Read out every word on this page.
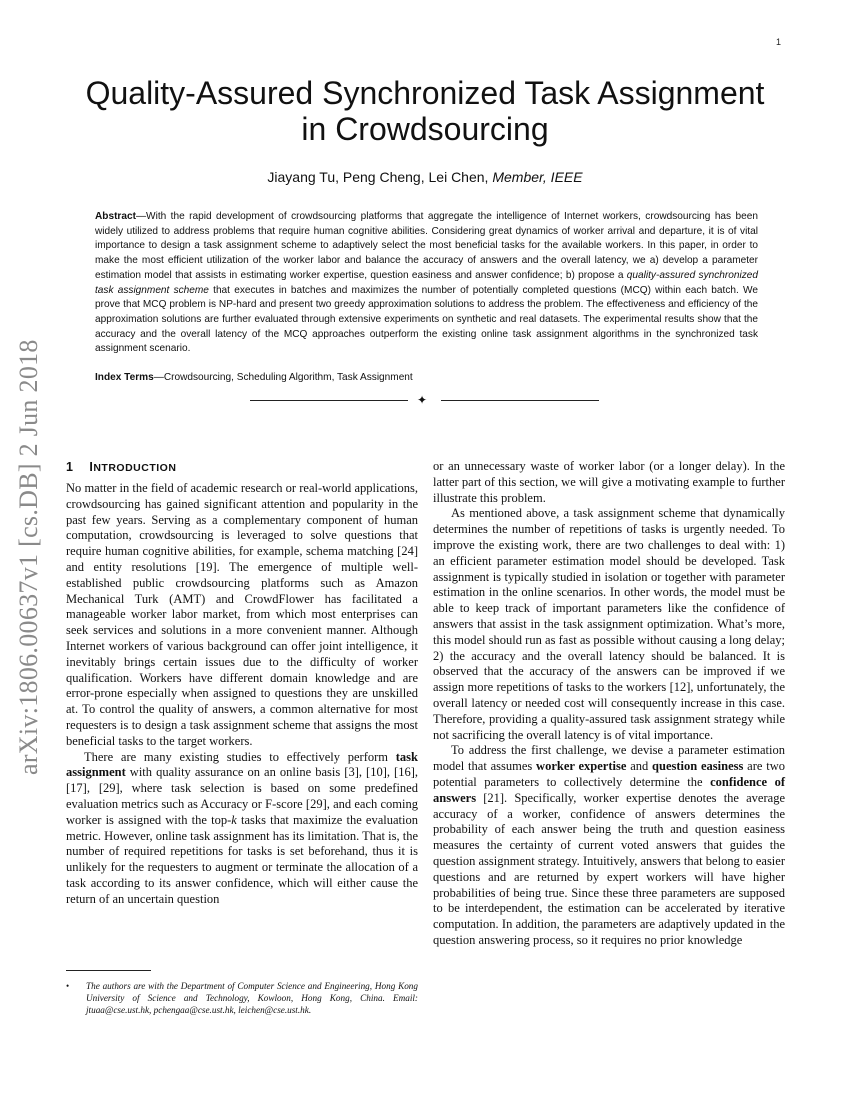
1
arXiv:1806.00637v1 [cs.DB] 2 Jun 2018
Quality-Assured Synchronized Task Assignment
in Crowdsourcing
Jiayang Tu, Peng Cheng, Lei Chen, Member, IEEE
Abstract—With the rapid development of crowdsourcing platforms that aggregate the intelligence of Internet workers, crowdsourcing has been widely utilized to address problems that require human cognitive abilities. Considering great dynamics of worker arrival and departure, it is of vital importance to design a task assignment scheme to adaptively select the most beneficial tasks for the available workers. In this paper, in order to make the most efficient utilization of the worker labor and balance the accuracy of answers and the overall latency, we a) develop a parameter estimation model that assists in estimating worker expertise, question easiness and answer confidence; b) propose a quality-assured synchronized task assignment scheme that executes in batches and maximizes the number of potentially completed questions (MCQ) within each batch. We prove that MCQ problem is NP-hard and present two greedy approximation solutions to address the problem. The effectiveness and efficiency of the approximation solutions are further evaluated through extensive experiments on synthetic and real datasets. The experimental results show that the accuracy and the overall latency of the MCQ approaches outperform the existing online task assignment algorithms in the synchronized task assignment scenario.
Index Terms—Crowdsourcing, Scheduling Algorithm, Task Assignment
✦
1 INTRODUCTION

No matter in the field of academic research or real-world applications, crowdsourcing has gained significant attention and popularity in the past few years. Serving as a complementary component of human computation, crowdsourcing is leveraged to solve questions that require human cognitive abilities, for example, schema matching [24] and entity resolutions [19]. The emergence of multiple well-established public crowdsourcing platforms such as Amazon Mechanical Turk (AMT) and CrowdFlower has facilitated a manageable worker labor market, from which most enterprises can seek services and solutions in a more convenient manner. Although Internet workers of various background can offer joint intelligence, it inevitably brings certain issues due to the difficulty of worker qualification. Workers have different domain knowledge and are error-prone especially when assigned to questions they are unskilled at. To control the quality of answers, a common alternative for most requesters is to design a task assignment scheme that assigns the most beneficial tasks to the target workers.

There are many existing studies to effectively perform task assignment with quality assurance on an online basis [3], [10], [16], [17], [29], where task selection is based on some predefined evaluation metrics such as Accuracy or F-score [29], and each coming worker is assigned with the top-k tasks that maximize the evaluation metric. However, online task assignment has its limitation. That is, the number of required repetitions for tasks is set beforehand, thus it is unlikely for the requesters to augment or terminate the allocation of a task according to its answer confidence, which will either cause the return of an uncertain question

• The authors are with the Department of Computer Science and Engineering, Hong Kong University of Science and Technology, Kowloon, Hong Kong, China. Email: jtuaa@cse.ust.hk, pchengaa@cse.ust.hk, leichen@cse.ust.hk.

or an unnecessary waste of worker labor (or a longer delay). In the latter part of this section, we will give a motivating example to further illustrate this problem.

As mentioned above, a task assignment scheme that dynamically determines the number of repetitions of tasks is urgently needed. To improve the existing work, there are two challenges to deal with: 1) an efficient parameter estimation model should be developed. Task assignment is typically studied in isolation or together with parameter estimation in the online scenarios. In other words, the model must be able to keep track of important parameters like the confidence of answers that assist in the task assignment optimization. What’s more, this model should run as fast as possible without causing a long delay; 2) the accuracy and the overall latency should be balanced. It is observed that the accuracy of the answers can be improved if we assign more repetitions of tasks to the workers [12], unfortunately, the overall latency or needed cost will consequently increase in this case. Therefore, providing a quality-assured task assignment strategy while not sacrificing the overall latency is of vital importance.

To address the first challenge, we devise a parameter estimation model that assumes worker expertise and question easiness are two potential parameters to collectively determine the confidence of answers [21]. Specifically, worker expertise denotes the average accuracy of a worker, confidence of answers determines the probability of each answer being the truth and question easiness measures the certainty of current voted answers that guides the question assignment strategy. Intuitively, answers that belong to easier questions and are returned by expert workers will have higher probabilities of being true. Since these three parameters are supposed to be interdependent, the estimation can be accelerated by iterative computation. In addition, the parameters are adaptively updated in the question answering process, so it requires no prior knowledge
